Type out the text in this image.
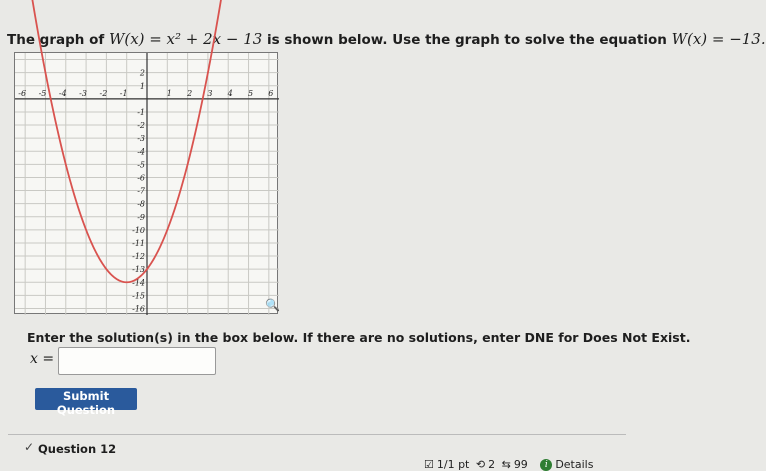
The graph of W(x) = x² + 2x − 13 is shown below. Use the graph to solve the equation W(x) = −13.
-6 -5 -4 -3 -2 -1	1 2 3 4 5 6
2
1
-1
-2
-3
-4
-5
-6
-7
-8
-9
-10
-11
-12
-13
-14
-15
-16	🔍
Enter the solution(s) in the box below. If there are no solutions, enter DNE for Does Not Exist.
x =
Submit Question
✓ Question 12
☑ 1/1 pt ⟲ 2 ⇆ 99 i Details
